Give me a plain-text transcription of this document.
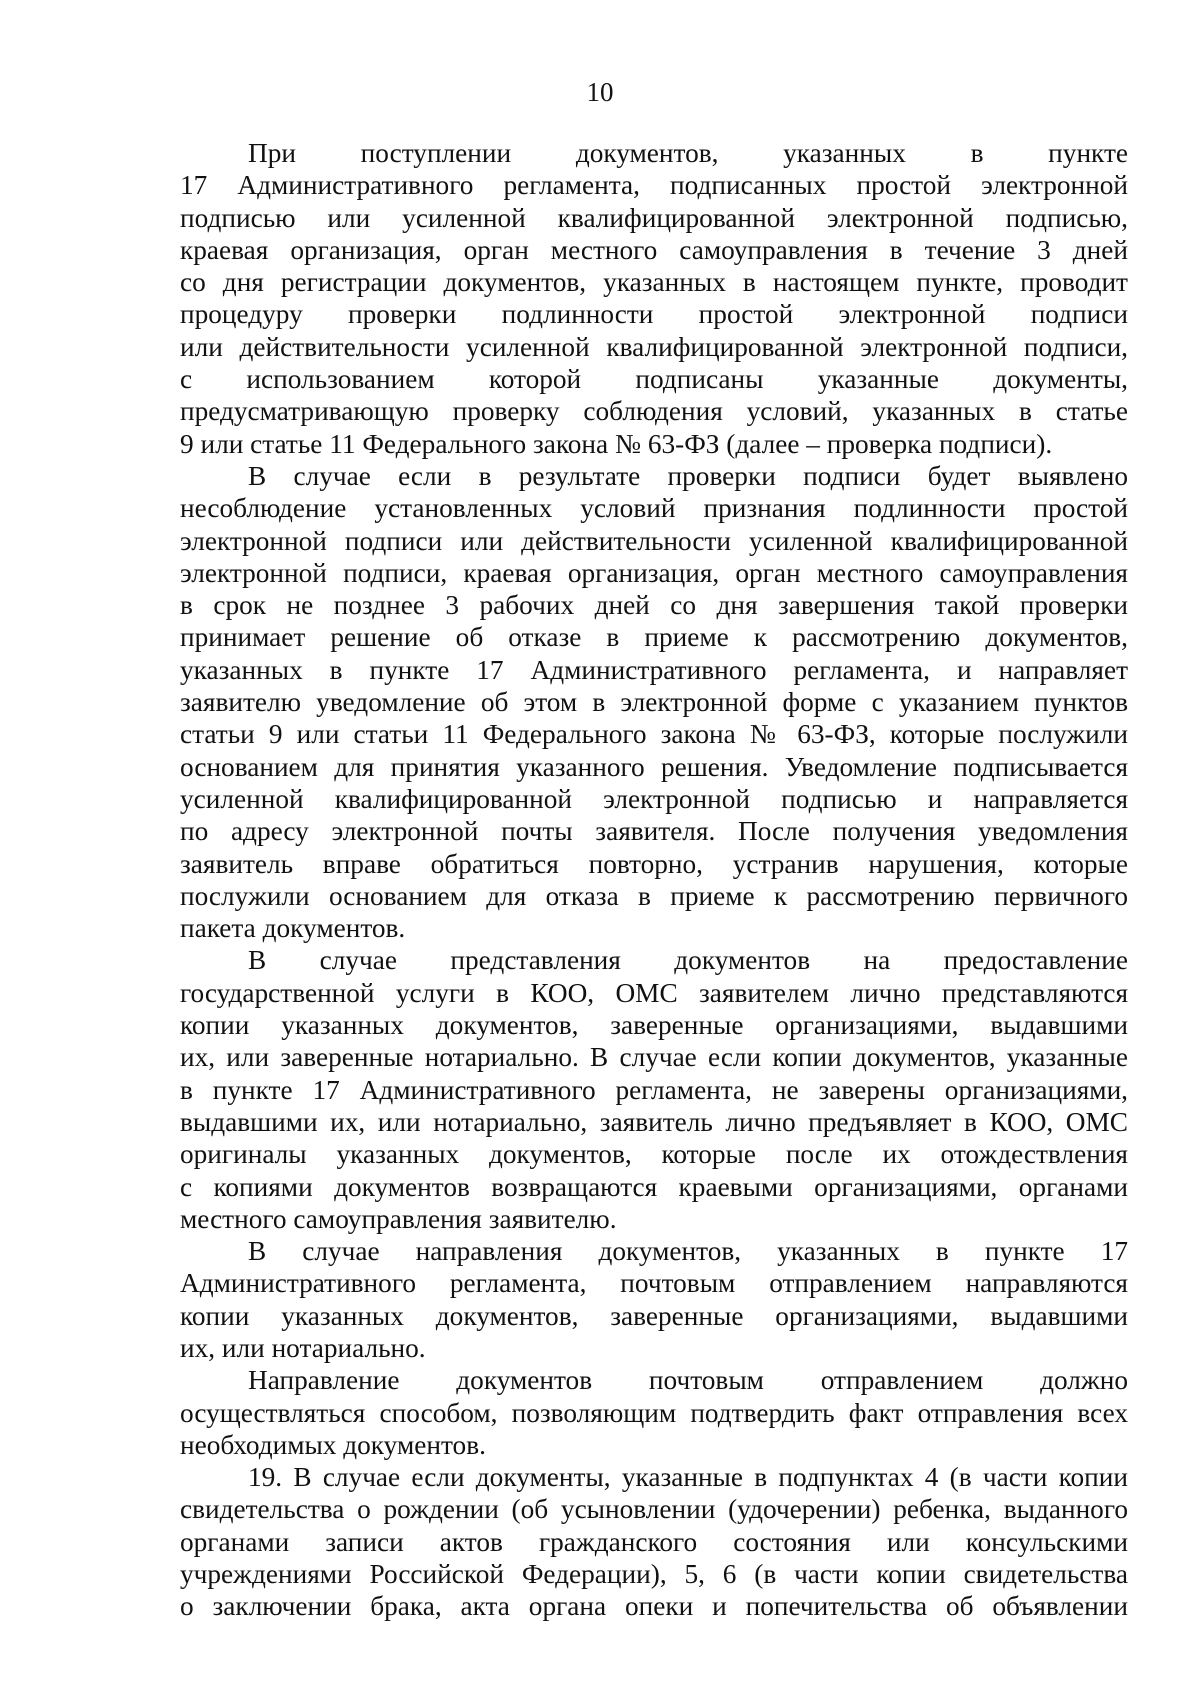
10

При поступлении документов, указанных в пункте
17 Административного регламента, подписанных простой электронной
подписью или усиленной квалифицированной электронной подписью,
краевая организация, орган местного самоуправления в течение 3 дней
со дня регистрации документов, указанных в настоящем пункте, проводит
процедуру проверки подлинности простой электронной подписи
или действительности усиленной квалифицированной электронной подписи,
с использованием которой подписаны указанные документы,
предусматривающую проверку соблюдения условий, указанных в статье
9 или статье 11 Федерального закона № 63-ФЗ (далее – проверка подписи).

В случае если в результате проверки подписи будет выявлено
несоблюдение установленных условий признания подлинности простой
электронной подписи или действительности усиленной квалифицированной
электронной подписи, краевая организация, орган местного самоуправления
в срок не позднее 3 рабочих дней со дня завершения такой проверки
принимает решение об отказе в приеме к рассмотрению документов,
указанных в пункте 17 Административного регламента, и направляет
заявителю уведомление об этом в электронной форме с указанием пунктов
статьи 9 или статьи 11 Федерального закона № 63-ФЗ, которые послужили
основанием для принятия указанного решения. Уведомление подписывается
усиленной квалифицированной электронной подписью и направляется
по адресу электронной почты заявителя. После получения уведомления
заявитель вправе обратиться повторно, устранив нарушения, которые
послужили основанием для отказа в приеме к рассмотрению первичного
пакета документов.

В случае представления документов на предоставление
государственной услуги в КОО, ОМС заявителем лично представляются
копии указанных документов, заверенные организациями, выдавшими
их, или заверенные нотариально. В случае если копии документов, указанные
в пункте 17 Административного регламента, не заверены организациями,
выдавшими их, или нотариально, заявитель лично предъявляет в КОО, ОМС
оригиналы указанных документов, которые после их отождествления
с копиями документов возвращаются краевыми организациями, органами
местного самоуправления заявителю.

В случае направления документов, указанных в пункте 17
Административного регламента, почтовым отправлением направляются
копии указанных документов, заверенные организациями, выдавшими
их, или нотариально.

Направление документов почтовым отправлением должно
осуществляться способом, позволяющим подтвердить факт отправления всех
необходимых документов.

19. В случае если документы, указанные в подпунктах 4 (в части копии
свидетельства о рождении (об усыновлении (удочерении) ребенка, выданного
органами записи актов гражданского состояния или консульскими
учреждениями Российской Федерации), 5, 6 (в части копии свидетельства
о заключении брака, акта органа опеки и попечительства об объявлении
